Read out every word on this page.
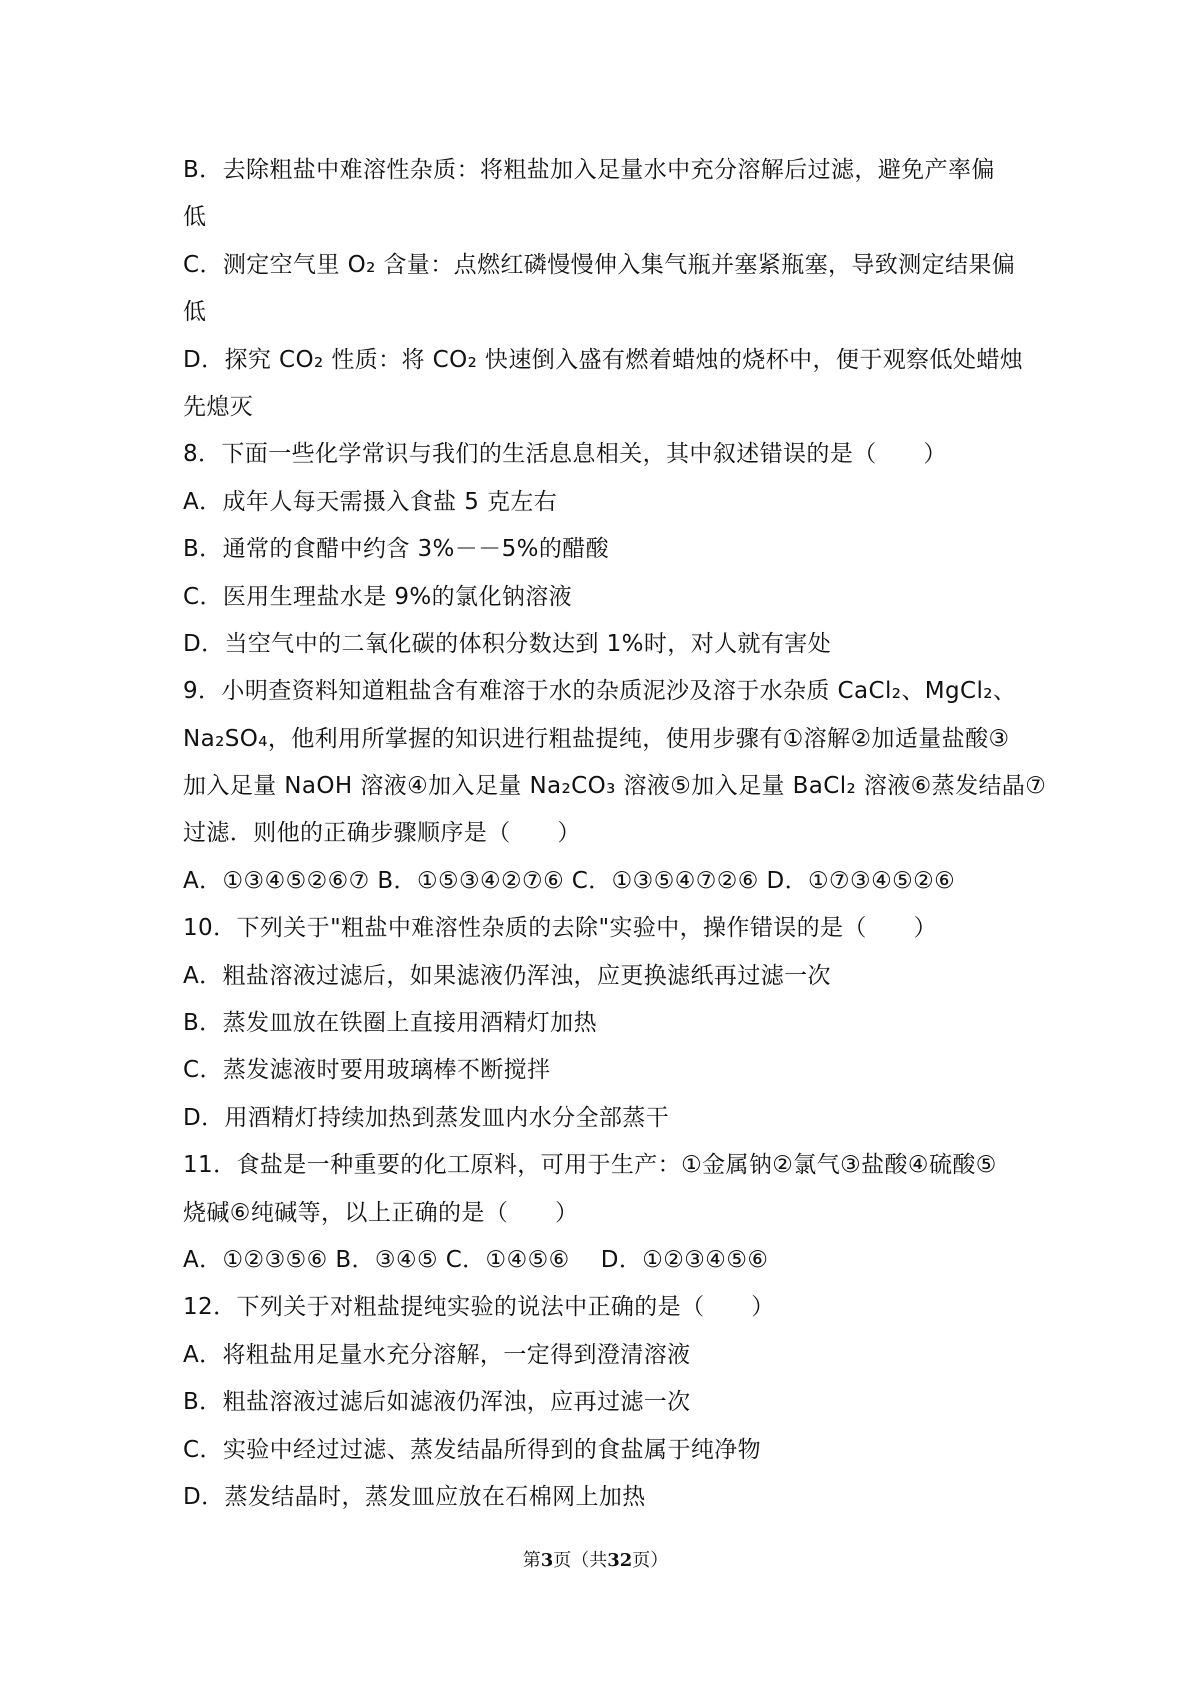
B．去除粗盐中难溶性杂质：将粗盐加入足量水中充分溶解后过滤，避免产率偏
低
C．测定空气里 O₂ 含量：点燃红磷慢慢伸入集气瓶并塞紧瓶塞，导致测定结果偏
低
D．探究 CO₂ 性质：将 CO₂ 快速倒入盛有燃着蜡烛的烧杯中，便于观察低处蜡烛
先熄灭
8．下面一些化学常识与我们的生活息息相关，其中叙述错误的是（　　）
A．成年人每天需摄入食盐 5 克左右
B．通常的食醋中约含 3%－－5%的醋酸
C．医用生理盐水是 9%的氯化钠溶液
D．当空气中的二氧化碳的体积分数达到 1%时，对人就有害处
9．小明查资料知道粗盐含有难溶于水的杂质泥沙及溶于水杂质 CaCl₂、MgCl₂、
Na₂SO₄，他利用所掌握的知识进行粗盐提纯，使用步骤有①溶解②加适量盐酸③
加入足量 NaOH 溶液④加入足量 Na₂CO₃ 溶液⑤加入足量 BaCl₂ 溶液⑥蒸发结晶⑦
过滤．则他的正确步骤顺序是（　　）
A．①③④⑤②⑥⑦ B．①⑤③④②⑦⑥ C．①③⑤④⑦②⑥ D．①⑦③④⑤②⑥
10．下列关于"粗盐中难溶性杂质的去除"实验中，操作错误的是（　　）
A．粗盐溶液过滤后，如果滤液仍浑浊，应更换滤纸再过滤一次
B．蒸发皿放在铁圈上直接用酒精灯加热
C．蒸发滤液时要用玻璃棒不断搅拌
D．用酒精灯持续加热到蒸发皿内水分全部蒸干
11．食盐是一种重要的化工原料，可用于生产：①金属钠②氯气③盐酸④硫酸⑤
烧碱⑥纯碱等，以上正确的是（　　）
A．①②③⑤⑥ B．③④⑤ C．①④⑤⑥　 D．①②③④⑤⑥
12．下列关于对粗盐提纯实验的说法中正确的是（　　）
A．将粗盐用足量水充分溶解，一定得到澄清溶液
B．粗盐溶液过滤后如滤液仍浑浊，应再过滤一次
C．实验中经过过滤、蒸发结晶所得到的食盐属于纯净物
D．蒸发结晶时，蒸发皿应放在石棉网上加热
第3页（共32页）
